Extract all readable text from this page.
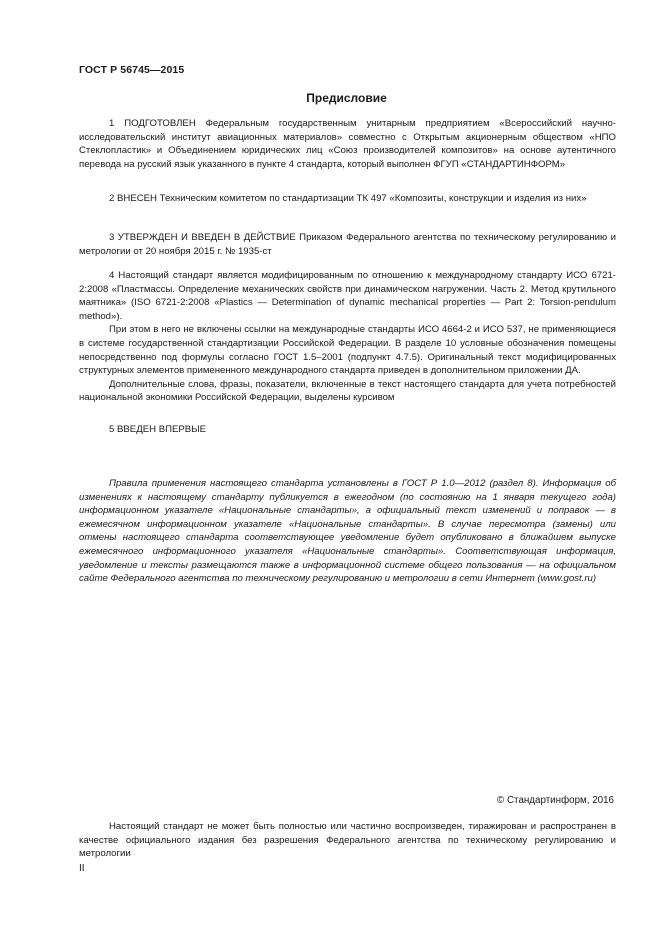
ГОСТ Р 56745—2015
Предисловие

1 ПОДГОТОВЛЕН Федеральным государственным унитарным предприятием «Всероссийский научно-исследовательский институт авиационных материалов» совместно с Открытым акционерным обществом «НПО Стеклопластик» и Объединением юридических лиц «Союз производителей композитов» на основе аутентичного перевода на русский язык указанного в пункте 4 стандарта, который выполнен ФГУП «СТАНДАРТИНФОРМ»

2 ВНЕСЕН Техническим комитетом по стандартизации ТК 497 «Композиты, конструкции и изделия из них»

3 УТВЕРЖДЕН И ВВЕДЕН В ДЕЙСТВИЕ Приказом Федерального агентства по техническому регулированию и метрологии от 20 ноября 2015 г. № 1935-ст

4 Настоящий стандарт является модифицированным по отношению к международному стандарту ИСО 6721-2:2008 «Пластмассы. Определение механических свойств при динамическом нагружении. Часть 2. Метод крутильного маятника» (ISO 6721-2:2008 «Plastics — Determination of dynamic mechanical properties — Part 2: Torsion-pendulum method»).

При этом в него не включены ссылки на международные стандарты ИСО 4664-2 и ИСО 537, не применяющиеся в системе государственной стандартизации Российской Федерации. В разделе 10 условные обозначения помещены непосредственно под формулы согласно ГОСТ 1.5–2001 (подпункт 4.7.5). Оригинальный текст модифицированных структурных элементов примененного международного стандарта приведен в дополнительном приложении ДА.

Дополнительные слова, фразы, показатели, включенные в текст настоящего стандарта для учета потребностей национальной экономики Российской Федерации, выделены курсивом

5 ВВЕДЕН ВПЕРВЫЕ

Правила применения настоящего стандарта установлены в ГОСТ Р 1.0—2012 (раздел 8). Информация об изменениях к настоящему стандарту публикуется в ежегодном (по состоянию на 1 января текущего года) информационном указателе «Национальные стандарты», а официальный текст изменений и поправок — в ежемесячном информационном указателе «Национальные стандарты». В случае пересмотра (замены) или отмены настоящего стандарта соответствующее уведомление будет опубликовано в ближайшем выпуске ежемесячного информационного указателя «Национальные стандарты». Соответствующая информация, уведомление и тексты размещаются также в информационной системе общего пользования — на официальном сайте Федерального агентства по техническому регулированию и метрологии в сети Интернет (www.gost.ru)

© Стандартинформ, 2016

Настоящий стандарт не может быть полностью или частично воспроизведен, тиражирован и распространен в качестве официального издания без разрешения Федерального агентства по техническому регулированию и метрологии

II
